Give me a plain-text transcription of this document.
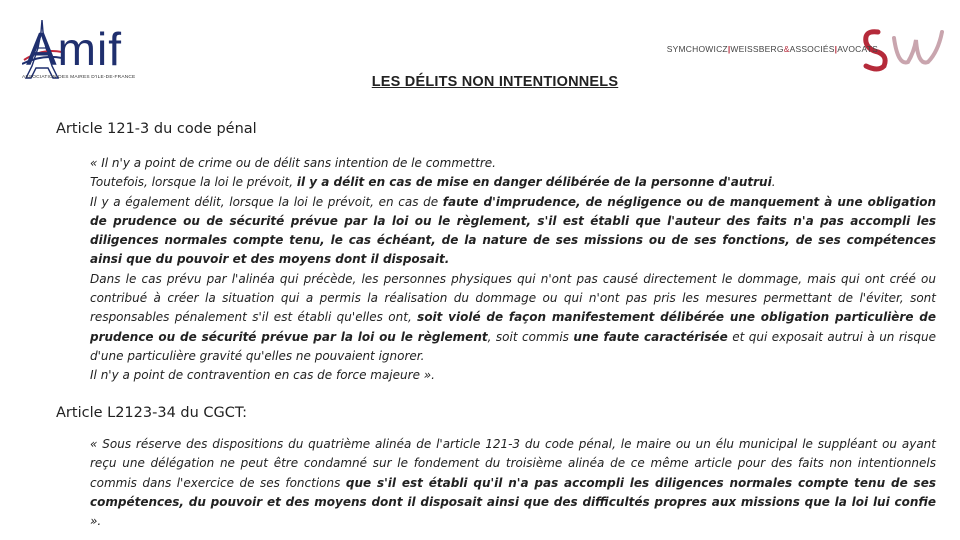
Amif
ASSOCIATION DES MAIRES D'ILE-DE-FRANCE
SYMCHOWICZ|WEISSBERG&ASSOCIÉS|AVOCATS
LES DÉLITS NON INTENTIONNELS
Article 121-3 du code pénal

« Il n'y a point de crime ou de délit sans intention de le commettre.

Toutefois, lorsque la loi le prévoit, il y a délit en cas de mise en danger délibérée de la personne d'autrui.

Il y a également délit, lorsque la loi le prévoit, en cas de faute d'imprudence, de négligence ou de manquement à une obligation de prudence ou de sécurité prévue par la loi ou le règlement, s'il est établi que l'auteur des faits n'a pas accompli les diligences normales compte tenu, le cas échéant, de la nature de ses missions ou de ses fonctions, de ses compétences ainsi que du pouvoir et des moyens dont il disposait.

Dans le cas prévu par l'alinéa qui précède, les personnes physiques qui n'ont pas causé directement le dommage, mais qui ont créé ou contribué à créer la situation qui a permis la réalisation du dommage ou qui n'ont pas pris les mesures permettant de l'éviter, sont responsables pénalement s'il est établi qu'elles ont, soit violé de façon manifestement délibérée une obligation particulière de prudence ou de sécurité prévue par la loi ou le règlement, soit commis une faute caractérisée et qui exposait autrui à un risque d'une particulière gravité qu'elles ne pouvaient ignorer.

Il n'y a point de contravention en cas de force majeure ».

Article L2123-34 du CGCT:

« Sous réserve des dispositions du quatrième alinéa de l'article 121-3 du code pénal, le maire ou un élu municipal le suppléant ou ayant reçu une délégation ne peut être condamné sur le fondement du troisième alinéa de ce même article pour des faits non intentionnels commis dans l'exercice de ses fonctions que s'il est établi qu'il n'a pas accompli les diligences normales compte tenu de ses compétences, du pouvoir et des moyens dont il disposait ainsi que des difficultés propres aux missions que la loi lui confie ».
